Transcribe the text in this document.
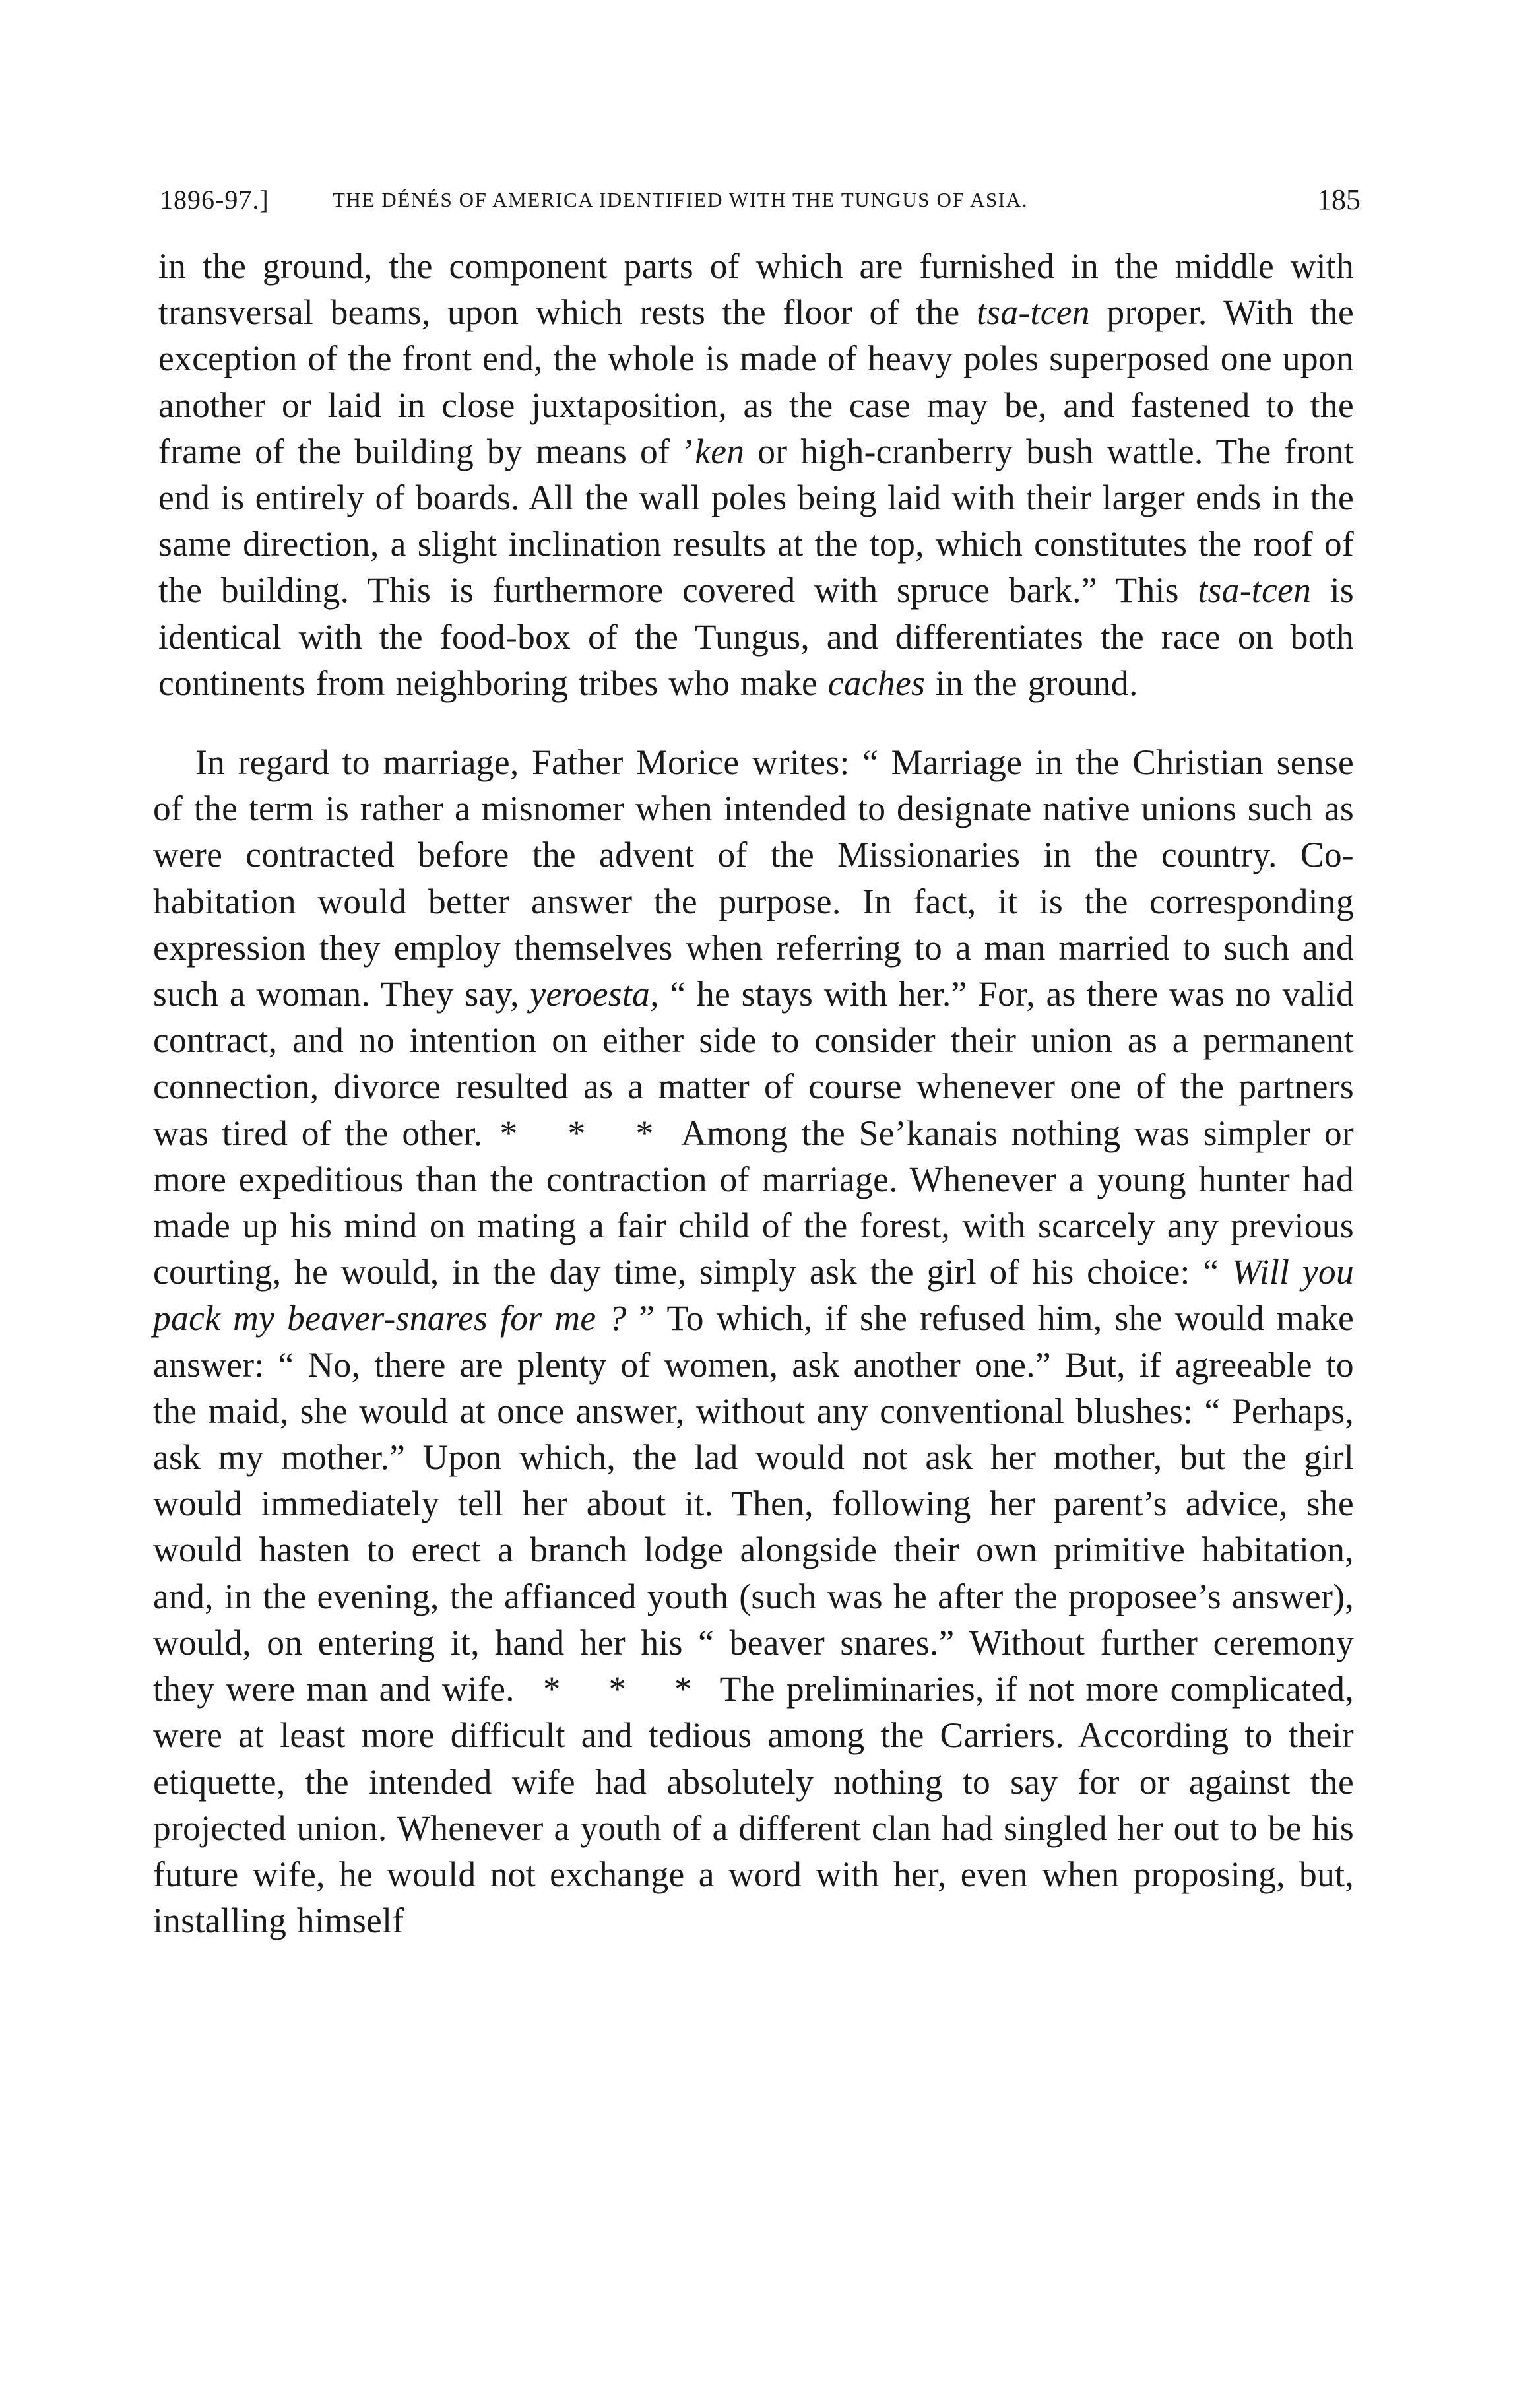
1896-97.]	THE DÉNÉS OF AMERICA IDENTIFIED WITH THE TUNGUS OF ASIA.	185

in the ground, the component parts of which are furnished in the middle with transversal beams, upon which rests the floor of the tsa-tcen proper. With the exception of the front end, the whole is made of heavy poles superposed one upon another or laid in close juxtaposition, as the case may be, and fastened to the frame of the building by means of ’ken or high-cranberry bush wattle. The front end is entirely of boards. All the wall poles being laid with their larger ends in the same direction, a slight inclination results at the top, which constitutes the roof of the building. This is furthermore covered with spruce bark.” This tsa-tcen is identical with the food-box of the Tungus, and differentiates the race on both continents from neighboring tribes who make caches in the ground.

In regard to marriage, Father Morice writes: “ Marriage in the Christian sense of the term is rather a misnomer when intended to designate native unions such as were contracted before the advent of the Missionaries in the country. Co-habitation would better answer the purpose. In fact, it is the corresponding expression they employ themselves when referring to a man married to such and such a woman. They say, yeroesta, “ he stays with her.” For, as there was no valid contract, and no intention on either side to consider their union as a permanent connection, divorce resulted as a matter of course whenever one of the partners was tired of the other. * * * Among the Se’kanais nothing was simpler or more expeditious than the contraction of marriage. Whenever a young hunter had made up his mind on mating a fair child of the forest, with scarcely any previous courting, he would, in the day time, simply ask the girl of his choice: “ Will you pack my beaver-snares for me ? ” To which, if she refused him, she would make answer: “ No, there are plenty of women, ask another one.” But, if agreeable to the maid, she would at once answer, without any conventional blushes: “ Perhaps, ask my mother.” Upon which, the lad would not ask her mother, but the girl would immediately tell her about it. Then, following her parent’s advice, she would hasten to erect a branch lodge alongside their own primitive habitation, and, in the evening, the affianced youth (such was he after the proposee’s answer), would, on entering it, hand her his “ beaver snares.” Without further ceremony they were man and wife. * * * The preliminaries, if not more complicated, were at least more difficult and tedious among the Carriers. According to their etiquette, the intended wife had absolutely nothing to say for or against the projected union. Whenever a youth of a different clan had singled her out to be his future wife, he would not exchange a word with her, even when proposing, but, installing himself
